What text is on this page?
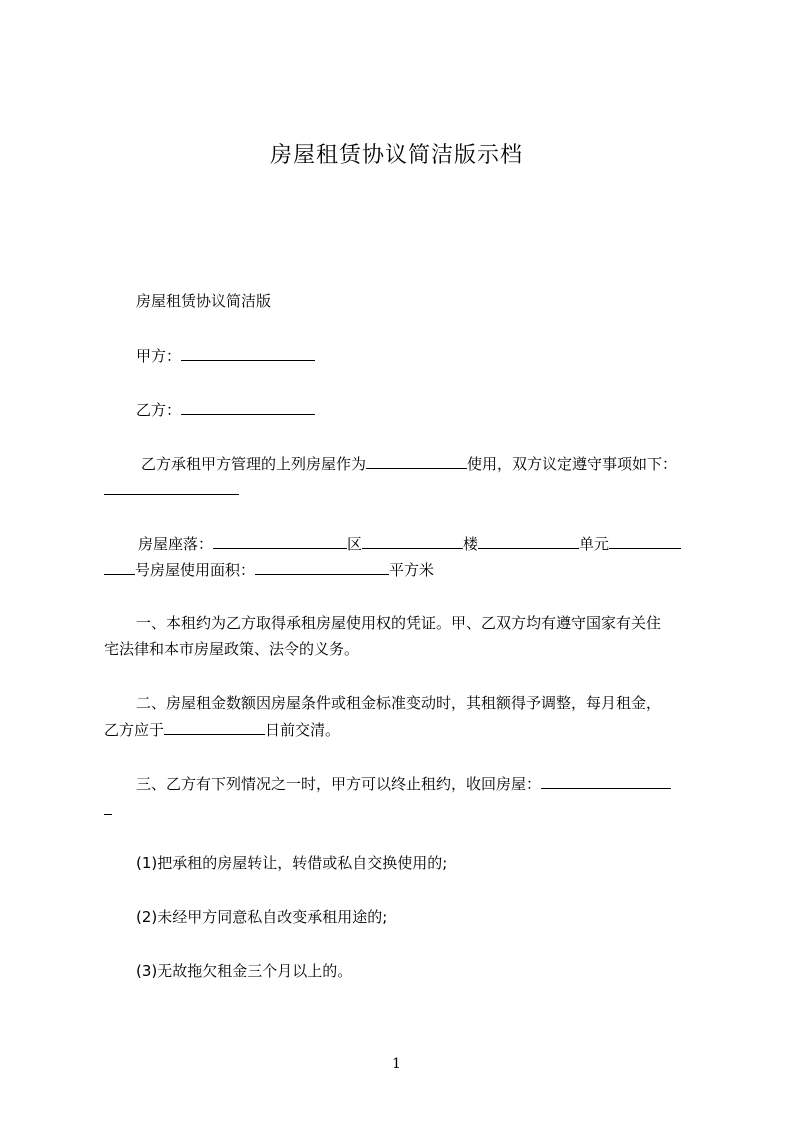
房屋租赁协议简洁版示档
房屋租赁协议简洁版
甲方：
乙方：
乙方承租甲方管理的上列房屋作为	使用，双方议定遵守事项如下：
房屋座落：	区	楼	单元
号房屋使用面积：	平方米
一、本租约为乙方取得承租房屋使用权的凭证。甲、乙双方均有遵守国家有关住
宅法律和本市房屋政策、法令的义务。
二、房屋租金数额因房屋条件或租金标准变动时，其租额得予调整，每月租金，
乙方应于	日前交清。
三、乙方有下列情况之一时，甲方可以终止租约，收回房屋：
(1)把承租的房屋转让，转借或私自交换使用的;
(2)未经甲方同意私自改变承租用途的;
(3)无故拖欠租金三个月以上的。
1
